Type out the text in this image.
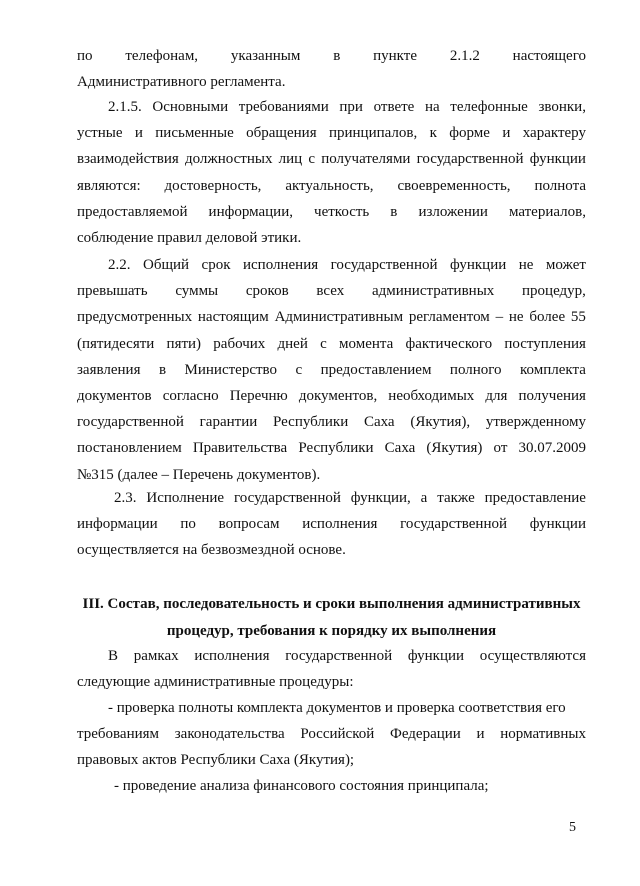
по телефонам, указанным в пункте 2.1.2 настоящего
Административного регламента.
2.1.5. Основными требованиями при ответе на телефонные звонки,
устные и письменные обращения принципалов, к форме и характеру
взаимодействия должностных лиц с получателями государственной функции
являются: достоверность, актуальность, своевременность, полнота
предоставляемой информации, четкость в изложении материалов,
соблюдение правил деловой этики.
2.2. Общий срок исполнения государственной функции не может
превышать суммы сроков всех административных процедур,
предусмотренных настоящим Административным регламентом – не более 55
(пятидесяти пяти) рабочих дней с момента фактического поступления
заявления в Министерство с предоставлением полного комплекта
документов согласно Перечню документов, необходимых для получения
государственной гарантии Республики Саха (Якутия), утвержденному
постановлением Правительства Республики Саха (Якутия) от 30.07.2009
№315 (далее – Перечень документов).
2.3. Исполнение государственной функции, а также предоставление
информации по вопросам исполнения государственной функции
осуществляется на безвозмездной основе.
III. Состав, последовательность и сроки выполнения административных
процедур, требования к порядку их выполнения
В рамках исполнения государственной функции осуществляются
следующие административные процедуры:
- проверка полноты комплекта документов и проверка соответствия его
требованиям законодательства Российской Федерации и нормативных
правовых актов Республики Саха (Якутия);
- проведение анализа финансового состояния принципала;
5
